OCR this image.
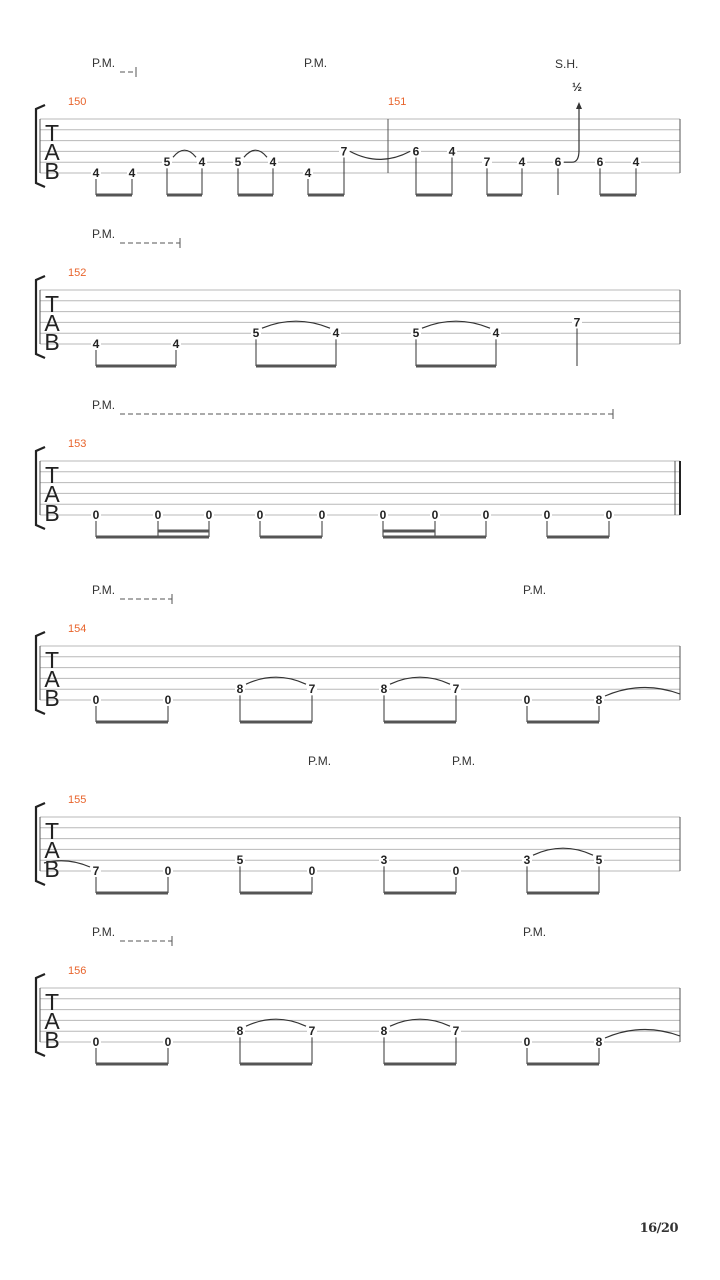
T
A
B
150	151
P.M.	P.M.	S.H.
½
4 4
5 4 5 4
4
7	6 4
7 4 6	6 4
T
A
B
152
P.M.
4	4
5	4	5	4
7
T
A
B
153
P.M.
0	0	0	0	0	0	0	0	0	0
T
A
B
154
P.M.	P.M.
0	0
8	7	8	7
0	8
T
A
B
155
P.M.	P.M.
7	0
5
0
3
0
3	5
T
A
B
156
P.M.	P.M.
0	0
8	7	8	7
0	8
16/20
